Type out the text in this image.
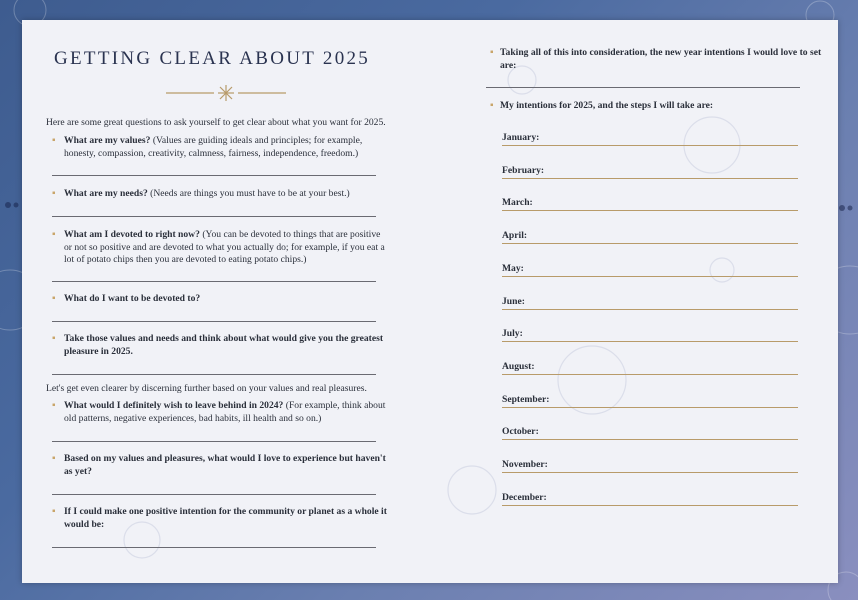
GETTING CLEAR ABOUT 2025
Here are some great questions to ask yourself to get clear about what you want for 2025.
▪ What are my values? (Values are guiding ideals and principles; for example, honesty, compassion, creativity, calmness, fairness, independence, freedom.)
▪ What are my needs? (Needs are things you must have to be at your best.)
▪ What am I devoted to right now? (You can be devoted to things that are positive or not so positive and are devoted to what you actually do; for example, if you eat a lot of potato chips then you are devoted to eating potato chips.)
▪ What do I want to be devoted to?
▪ Take those values and needs and think about what would give you the greatest pleasure in 2025.
Let's get even clearer by discerning further based on your values and real pleasures.
▪ What would I definitely wish to leave behind in 2024? (For example, think about old patterns, negative experiences, bad habits, ill health and so on.)
▪ Based on my values and pleasures, what would I love to experience but haven't as yet?
▪ If I could make one positive intention for the community or planet as a whole it would be:
▪ Taking all of this into consideration, the new year intentions I would love to set are:
▪ My intentions for 2025, and the steps I will take are:
January:
February:
March:
April:
May:
June:
July:
August:
September:
October:
November:
December:
